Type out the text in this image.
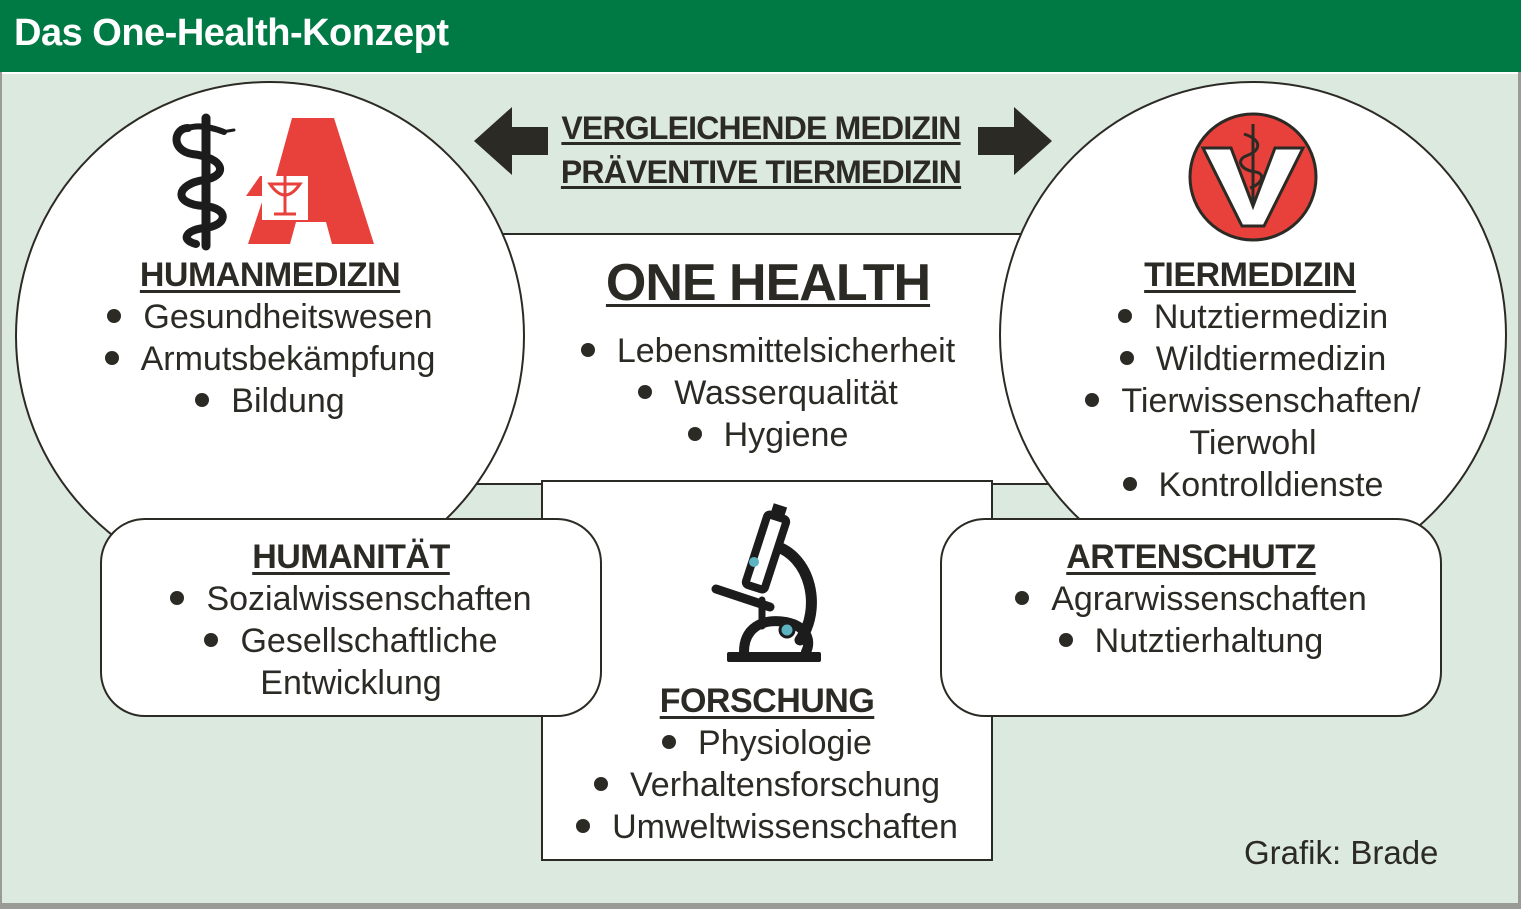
Das One-Health-Konzept
VERGLEICHENDE MEDIZIN
PRÄVENTIVE TIERMEDIZIN
ONE HEALTH
Lebensmittelsicherheit
Wasserqualität
Hygiene
HUMANMEDIZIN
Gesundheitswesen
Armutsbekämpfung
Bildung
TIERMEDIZIN
Nutztiermedizin
Wildtiermedizin
Tierwissenschaften/
Tierwohl
Kontrolldienste
HUMANITÄT
Sozialwissenschaften
Gesellschaftliche
Entwicklung
ARTENSCHUTZ
Agrarwissenschaften
Nutztierhaltung
FORSCHUNG
Physiologie
Verhaltensforschung
Umweltwissenschaften
Grafik: Brade
